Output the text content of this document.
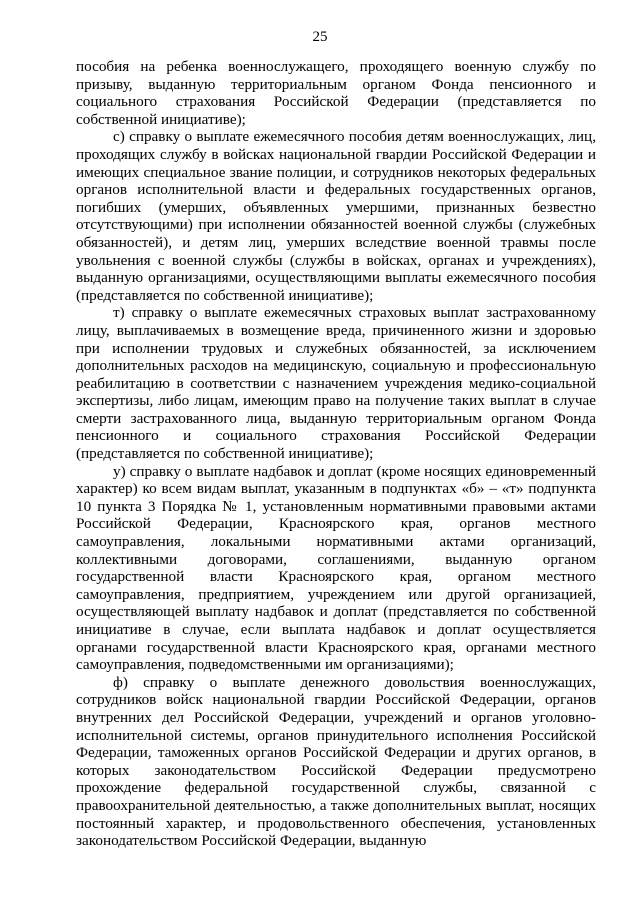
25

пособия на ребенка военнослужащего, проходящего военную службу по призыву, выданную территориальным органом Фонда пенсионного и социального страхования Российской Федерации (представляется по собственной инициативе);

с) справку о выплате ежемесячного пособия детям военнослужащих, лиц, проходящих службу в войсках национальной гвардии Российской Федерации и имеющих специальное звание полиции, и сотрудников некоторых федеральных органов исполнительной власти и федеральных государственных органов, погибших (умерших, объявленных умершими, признанных безвестно отсутствующими) при исполнении обязанностей военной службы (служебных обязанностей), и детям лиц, умерших вследствие военной травмы после увольнения с военной службы (службы в войсках, органах и учреждениях), выданную организациями, осуществляющими выплаты ежемесячного пособия (представляется по собственной инициативе);

т) справку о выплате ежемесячных страховых выплат застрахованному лицу, выплачиваемых в возмещение вреда, причиненного жизни и здоровью при исполнении трудовых и служебных обязанностей, за исключением дополнительных расходов на медицинскую, социальную и профессиональную реабилитацию в соответствии с назначением учреждения медико-социальной экспертизы, либо лицам, имеющим право на получение таких выплат в случае смерти застрахованного лица, выданную территориальным органом Фонда пенсионного и социального страхования Российской Федерации (представляется по собственной инициативе);

у) справку о выплате надбавок и доплат (кроме носящих единовременный характер) ко всем видам выплат, указанным в подпунктах «б» – «т» подпункта 10 пункта 3 Порядка № 1, установленным нормативными правовыми актами Российской Федерации, Красноярского края, органов местного самоуправления, локальными нормативными актами организаций, коллективными договорами, соглашениями, выданную органом государственной власти Красноярского края, органом местного самоуправления, предприятием, учреждением или другой организацией, осуществляющей выплату надбавок и доплат (представляется по собственной инициативе в случае, если выплата надбавок и доплат осуществляется органами государственной власти Красноярского края, органами местного самоуправления, подведомственными им организациями);

ф) справку о выплате денежного довольствия военнослужащих, сотрудников войск национальной гвардии Российской Федерации, органов внутренних дел Российской Федерации, учреждений и органов уголовно-исполнительной системы, органов принудительного исполнения Российской Федерации, таможенных органов Российской Федерации и других органов, в которых законодательством Российской Федерации предусмотрено прохождение федеральной государственной службы, связанной с правоохранительной деятельностью, а также дополнительных выплат, носящих постоянный характер, и продовольственного обеспечения, установленных законодательством Российской Федерации, выданную
